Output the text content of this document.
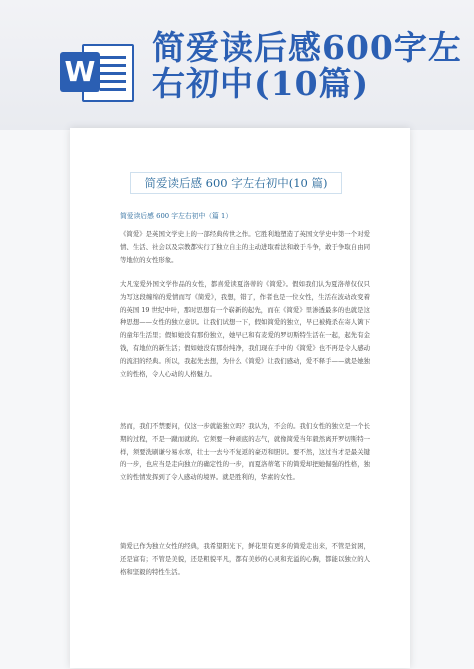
W
简爱读后感600字左右初中(10篇)
简爱读后感 600 字左右初中(10 篇)
简爱读后感 600 字左右初中（篇 1）
《简爱》是英国文学史上的一部经典传世之作。它胜利地塑造了英国文学史中第一个对爱情、生活、社会以及宗教都实行了独立自主的主动进取看法和敢于斗争，敢于争取自由同等地位的女性形象。
大凡宠爱外国文学作品的女性，都喜爱读夏洛蒂的《简爱》。假如我们认为夏洛蒂仅仅只为写这段缠绵的爱情而写《简爱》，我想，错了，作者也是一位女性，生活在波动改变着的英国 19 世纪中叶，那时思想有一个崭新的起先，而在《简爱》里渗透最多的也就是这种思想——女性的独立意识。让我们试想一下，假如简爱的独立，早已被掩杀在寄人篱下的童年生活里；假如她没有那份独立，她早已和有麦爱的罗切斯特生活在一起，起先有金钱，有地位的新生活；假如她没有那份纯净，我们现在手中的《简爱》也不再是令人感动的流泪的经典。所以，我起先去想，为什么《简爱》让我们感动，爱不释手——就是她独立的性格，令人心动的人格魅力。
然而，我们不禁要问，仅这一步就能独立吗？我认为，不会的。我们女性的独立是一个长期的过程，不是一蹴而就的。它须要一种顽底的志气，就像简爱当年毅然离开罗切斯特一样，须要洗刷谦兮易水寒，壮士一去兮不复返的豪迈和胆识。要不然，这过当才是最关键的一步，也应当是走向独立的确定性的一步，而夏洛蒂笔下的简爱却把她倔强的性格，独立的性情发挥到了令人感动的境界。就是胜利的，华素的女性。
简爱已作为独立女性的经典，我希望阳光下，鲜花里有更多的简爱走出来，不管是贫困，还是富有；不管是美貌，还是粗貌平凡，都有美妙的心灵和充溢的心胸，都能以独立的人格和坚毅的特性生活。
